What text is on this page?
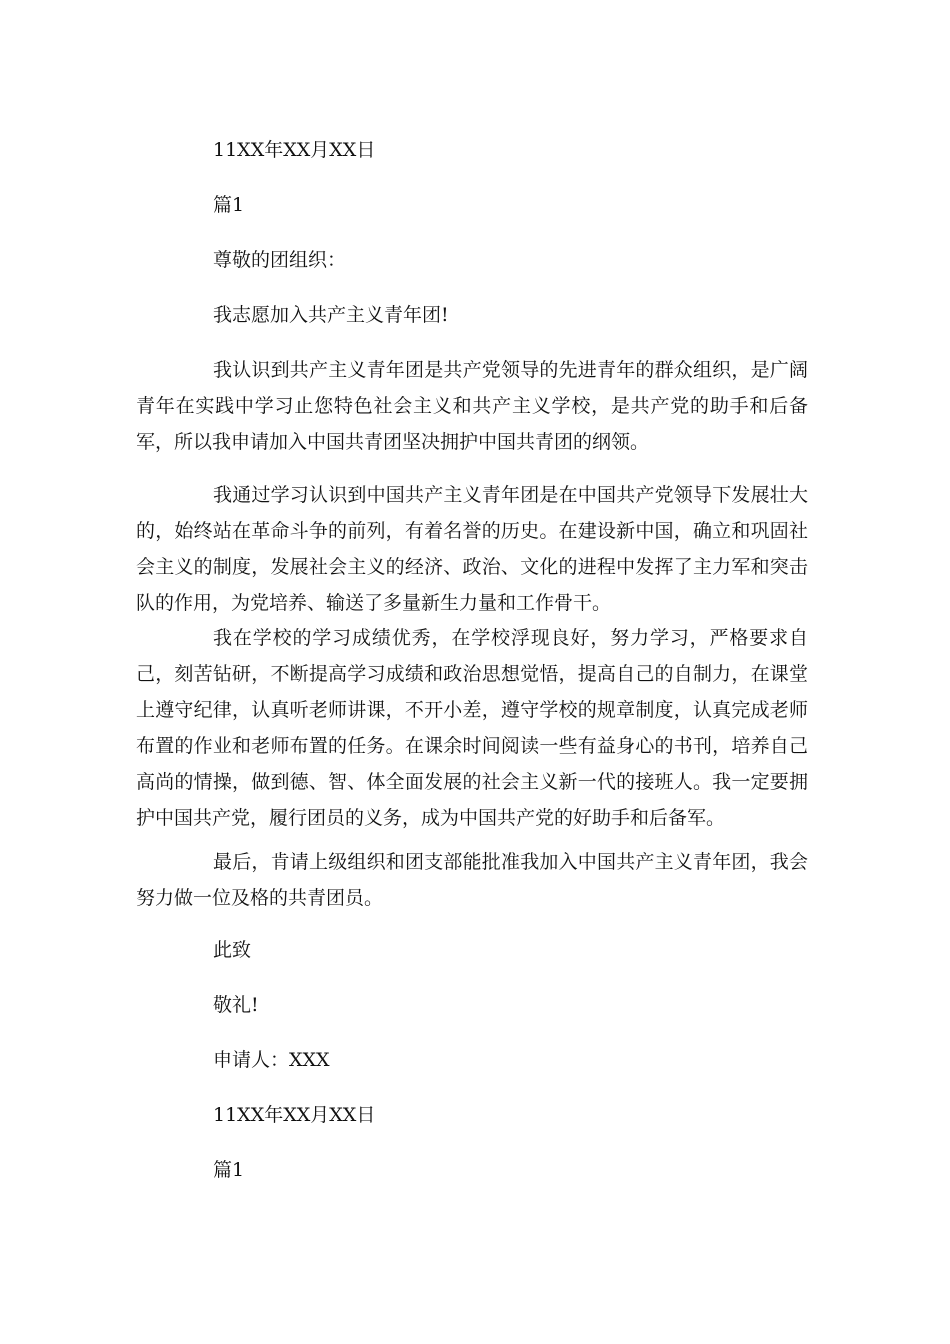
11XX年XX月XX日
篇1
尊敬的团组织：
我志愿加入共产主义青年团!
我认识到共产主义青年团是共产党领导的先进青年的群众组织，是广阔青年在实践中学习止您特色社会主义和共产主义学校，是共产党的助手和后备军，所以我申请加入中国共青团坚决拥护中国共青团的纲领。
我通过学习认识到中国共产主义青年团是在中国共产党领导下发展壮大的，始终站在革命斗争的前列，有着名誉的历史。在建设新中国，确立和巩固社会主义的制度，发展社会主义的经济、政治、文化的进程中发挥了主力军和突击队的作用，为党培养、输送了多量新生力量和工作骨干。
我在学校的学习成绩优秀，在学校浮现良好，努力学习，严格要求自己，刻苦钻研，不断提高学习成绩和政治思想觉悟，提高自己的自制力，在课堂上遵守纪律，认真听老师讲课，不开小差，遵守学校的规章制度，认真完成老师布置的作业和老师布置的任务。在课余时间阅读一些有益身心的书刊，培养自己高尚的情操，做到德、智、体全面发展的社会主义新一代的接班人。我一定要拥护中国共产党，履行团员的义务，成为中国共产党的好助手和后备军。
最后，肯请上级组织和团支部能批准我加入中国共产主义青年团，我会努力做一位及格的共青团员。
此致
敬礼!
申请人：XXX
11XX年XX月XX日
篇1
